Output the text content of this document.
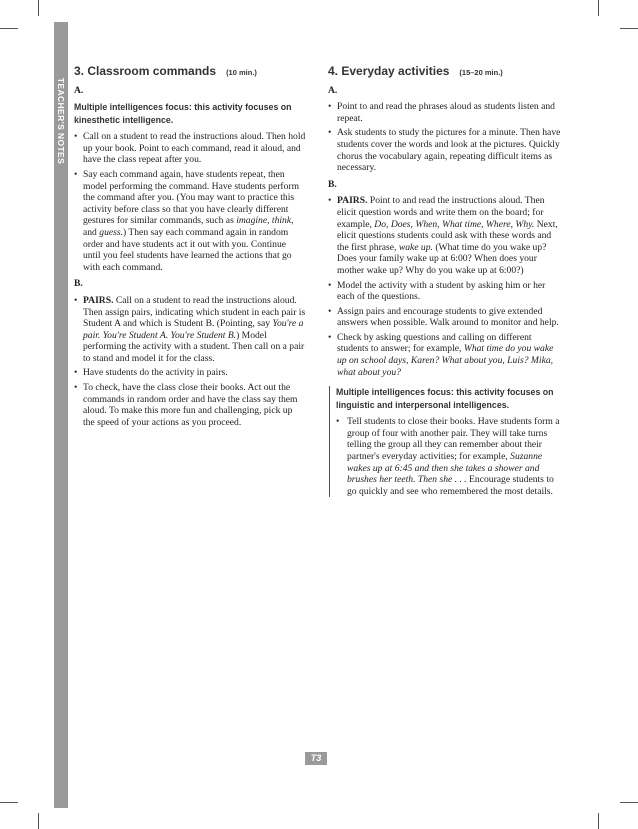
TEACHER'S NOTES
3. Classroom commands (10 min.)
A.
Multiple intelligences focus: this activity focuses on kinesthetic intelligence.
• Call on a student to read the instructions aloud. Then hold up your book. Point to each command, read it aloud, and have the class repeat after you.
• Say each command again, have students repeat, then model performing the command. Have students perform the command after you. (You may want to practice this activity before class so that you have clearly different gestures for similar commands, such as imagine, think, and guess.) Then say each command again in random order and have students act it out with you. Continue until you feel students have learned the actions that go with each command.
B.
• PAIRS. Call on a student to read the instructions aloud. Then assign pairs, indicating which student in each pair is Student A and which is Student B. (Pointing, say You're a pair. You're Student A. You're Student B.) Model performing the activity with a student. Then call on a pair to stand and model it for the class.
• Have students do the activity in pairs.
• To check, have the class close their books. Act out the commands in random order and have the class say them aloud. To make this more fun and challenging, pick up the speed of your actions as you proceed.
4. Everyday activities (15–20 min.)
A.
• Point to and read the phrases aloud as students listen and repeat.
• Ask students to study the pictures for a minute. Then have students cover the words and look at the pictures. Quickly chorus the vocabulary again, repeating difficult items as necessary.
B.
• PAIRS. Point to and read the instructions aloud. Then elicit question words and write them on the board; for example, Do, Does, When, What time, Where, Why. Next, elicit questions students could ask with these words and the first phrase, wake up. (What time do you wake up? Does your family wake up at 6:00? When does your mother wake up? Why do you wake up at 6:00?)
• Model the activity with a student by asking him or her each of the questions.
• Assign pairs and encourage students to give extended answers when possible. Walk around to monitor and help.
• Check by asking questions and calling on different students to answer; for example, What time do you wake up on school days, Karen? What about you, Luis? Mika, what about you?
Multiple intelligences focus: this activity focuses on linguistic and interpersonal intelligences.
• Tell students to close their books. Have students form a group of four with another pair. They will take turns telling the group all they can remember about their partner's everyday activities; for example, Suzanne wakes up at 6:45 and then she takes a shower and brushes her teeth. Then she . . . Encourage students to go quickly and see who remembered the most details.
T3
